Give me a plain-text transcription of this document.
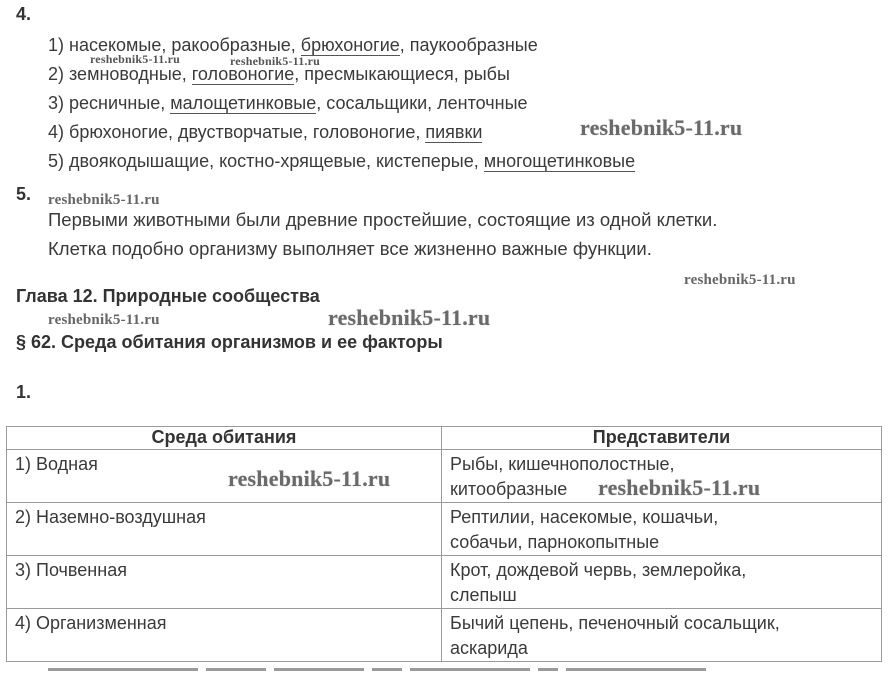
4.
1) насекомые, ракообразные, брюхоногие, паукообразные
2) земноводные, головоногие, пресмыкающиеся, рыбы
3) ресничные, малощетинковые, сосальщики, ленточные
4) брюхоногие, двустворчатые, головоногие, пиявки
5) двоякодышащие, костно-хрящевые, кистеперые, многощетинковые
5.
Первыми животными были древние простейшие, состоящие из одной клетки.
Клетка подобно организму выполняет все жизненно важные функции.
Глава 12. Природные сообщества
§ 62. Среда обитания организмов и ее факторы
1.
Среда обитания	Представители
1) Водная	Рыбы, кишечнополостные,
китообразные
2) Наземно-воздушная	Рептилии, насекомые, кошачьи,
собачьи, парнокопытные
3) Почвенная	Крот, дождевой червь, землеройка,
слепыш
4) Организменная	Бычий цепень, печеночный сосальщик,
аскарида
reshebnik5-11.ru	reshebnik5-11.ru
reshebnik5-11.ru
reshebnik5-11.ru
reshebnik5-11.ru
reshebnik5-11.ru	reshebnik5-11.ru
reshebnik5-11.ru	reshebnik5-11.ru
